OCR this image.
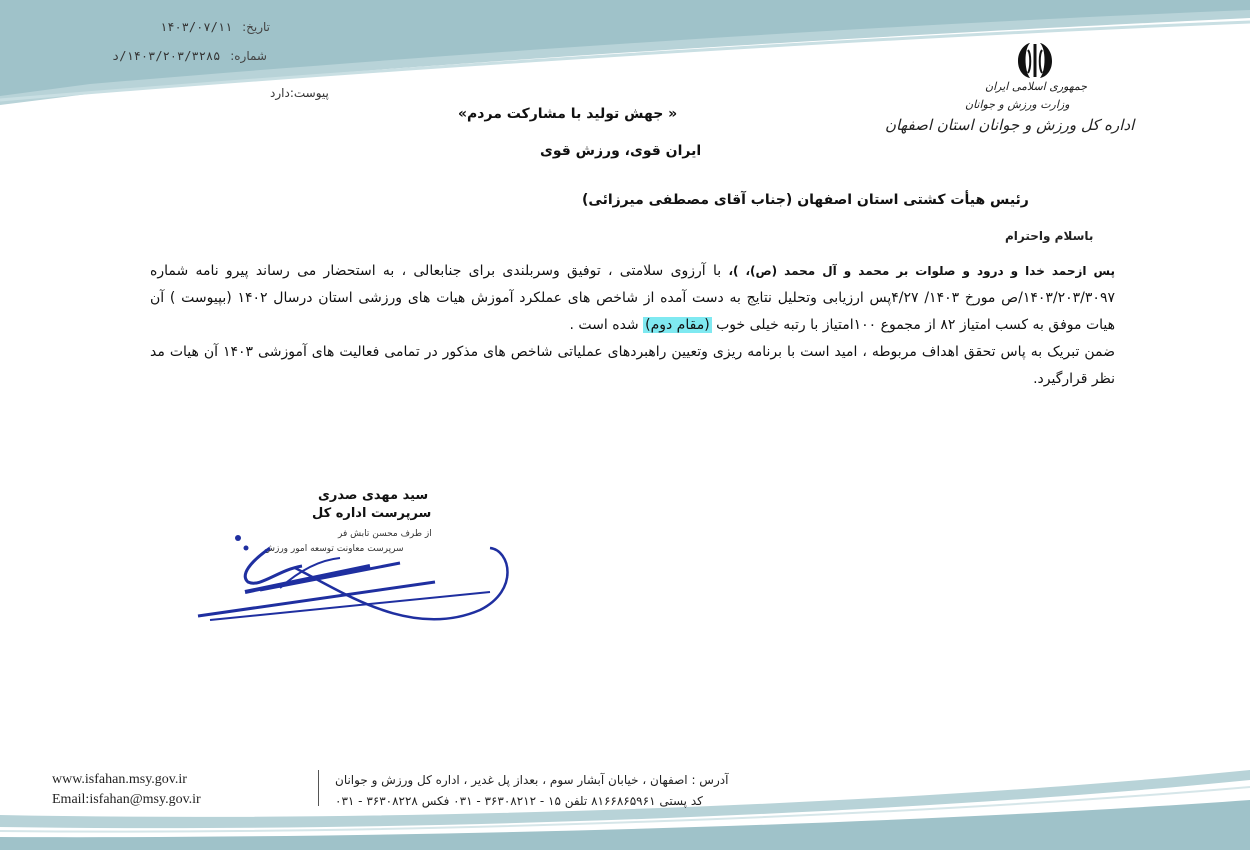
تاریخ: ۱۴۰۳/۰۷/۱۱
شماره: ۱۴۰۳/۲۰۳/۳۲۸۵/د
پیوست:دارد	جمهوری اسلامی ایران
وزارت ورزش و جوانان
اداره کل ورزش و جوانان استان اصفهان
« جهش تولید با مشارکت مردم»
ایران قوی، ورزش قوی
رئیس هیأت کشتی استان اصفهان (جناب آقای مصطفی میرزائی)
باسلام واحترام

پس ازحمد خدا و درود و صلوات بر محمد و آل محمد (ص)، )، با آرزوی سلامتی ، توفیق وسربلندی برای جنابعالی ، به استحضار می رساند پیرو نامه شماره ۱۴۰۳/۲۰۳/۳۰۹۷/ص مورخ ۱۴۰۳/ ۴/۲۷پس ارزیابی وتحلیل نتایج به دست آمده از شاخص های عملکرد آموزش هیات های ورزشی استان درسال ۱۴۰۲ (بپیوست ) آن هیات موفق به کسب امتیاز ۸۲ از مجموع ۱۰۰امتیاز با رتبه خیلی خوب (مقام دوم) شده است .

ضمن تبریک به پاس تحقق اهداف مربوطه ، امید است با برنامه ریزی وتعیین راهبردهای عملیاتی شاخص های مذکور در تمامی فعالیت های آموزشی ۱۴۰۳ آن هیات مد نظر قرارگیرد.

سید مهدی صدری
سرپرست اداره کل
از طرف محسن تابش فر
سرپرست معاونت توسعه امور ورزش
www.isfahan.msy.gov.ir
Email:isfahan@msy.gov.ir
آدرس : اصفهان ، خیابان آبشار سوم ، بعداز پل غدیر ، اداره کل ورزش و جوانان
کد پستی ۸۱۶۶۸۶۵۹۶۱ تلفن ۱۵ - ۳۶۳۰۸۲۱۲ - ۰۳۱ فکس ۳۶۳۰۸۲۲۸ - ۰۳۱
